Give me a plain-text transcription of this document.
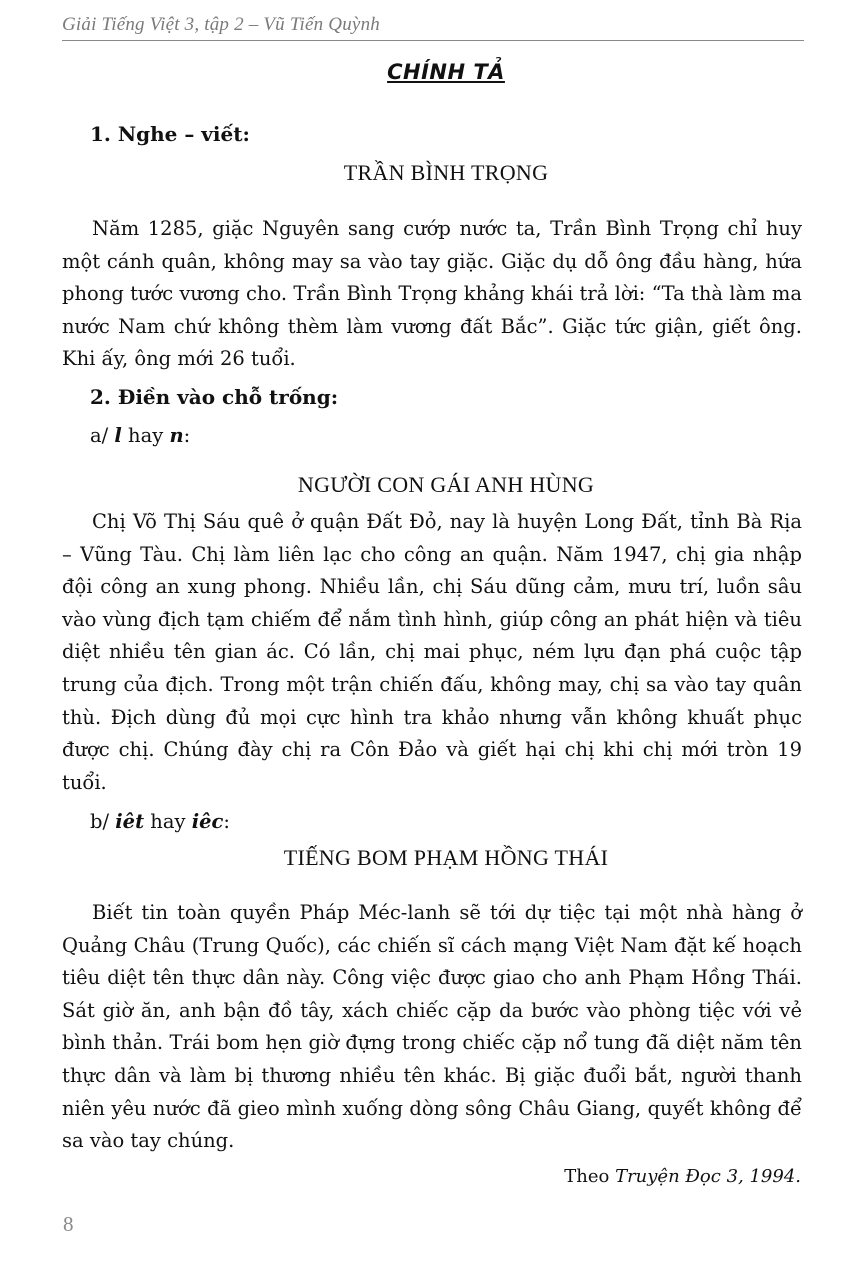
Giải Tiếng Việt 3, tập 2 – Vũ Tiến Quỳnh
CHÍNH TẢ
1. Nghe – viết:
TRẦN BÌNH TRỌNG

Năm 1285, giặc Nguyên sang cướp nước ta, Trần Bình Trọng chỉ huy một cánh quân, không may sa vào tay giặc. Giặc dụ dỗ ông đầu hàng, hứa phong tước vương cho. Trần Bình Trọng khảng khái trả lời: “Ta thà làm ma nước Nam chứ không thèm làm vương đất Bắc”. Giặc tức giận, giết ông. Khi ấy, ông mới 26 tuổi.

2. Điền vào chỗ trống:
a/ l hay n:
NGƯỜI CON GÁI ANH HÙNG

Chị Võ Thị Sáu quê ở quận Đất Đỏ, nay là huyện Long Đất, tỉnh Bà Rịa – Vũng Tàu. Chị làm liên lạc cho công an quận. Năm 1947, chị gia nhập đội công an xung phong. Nhiều lần, chị Sáu dũng cảm, mưu trí, luồn sâu vào vùng địch tạm chiếm để nắm tình hình, giúp công an phát hiện và tiêu diệt nhiều tên gian ác. Có lần, chị mai phục, ném lựu đạn phá cuộc tập trung của địch. Trong một trận chiến đấu, không may, chị sa vào tay quân thù. Địch dùng đủ mọi cực hình tra khảo nhưng vẫn không khuất phục được chị. Chúng đày chị ra Côn Đảo và giết hại chị khi chị mới tròn 19 tuổi.

b/ iêt hay iêc:
TIẾNG BOM PHẠM HỒNG THÁI

Biết tin toàn quyền Pháp Méc-lanh sẽ tới dự tiệc tại một nhà hàng ở Quảng Châu (Trung Quốc), các chiến sĩ cách mạng Việt Nam đặt kế hoạch tiêu diệt tên thực dân này. Công việc được giao cho anh Phạm Hồng Thái. Sát giờ ăn, anh bận đồ tây, xách chiếc cặp da bước vào phòng tiệc với vẻ bình thản. Trái bom hẹn giờ đựng trong chiếc cặp nổ tung đã diệt năm tên thực dân và làm bị thương nhiều tên khác. Bị giặc đuổi bắt, người thanh niên yêu nước đã gieo mình xuống dòng sông Châu Giang, quyết không để sa vào tay chúng.

Theo Truyện Đọc 3, 1994.
8
